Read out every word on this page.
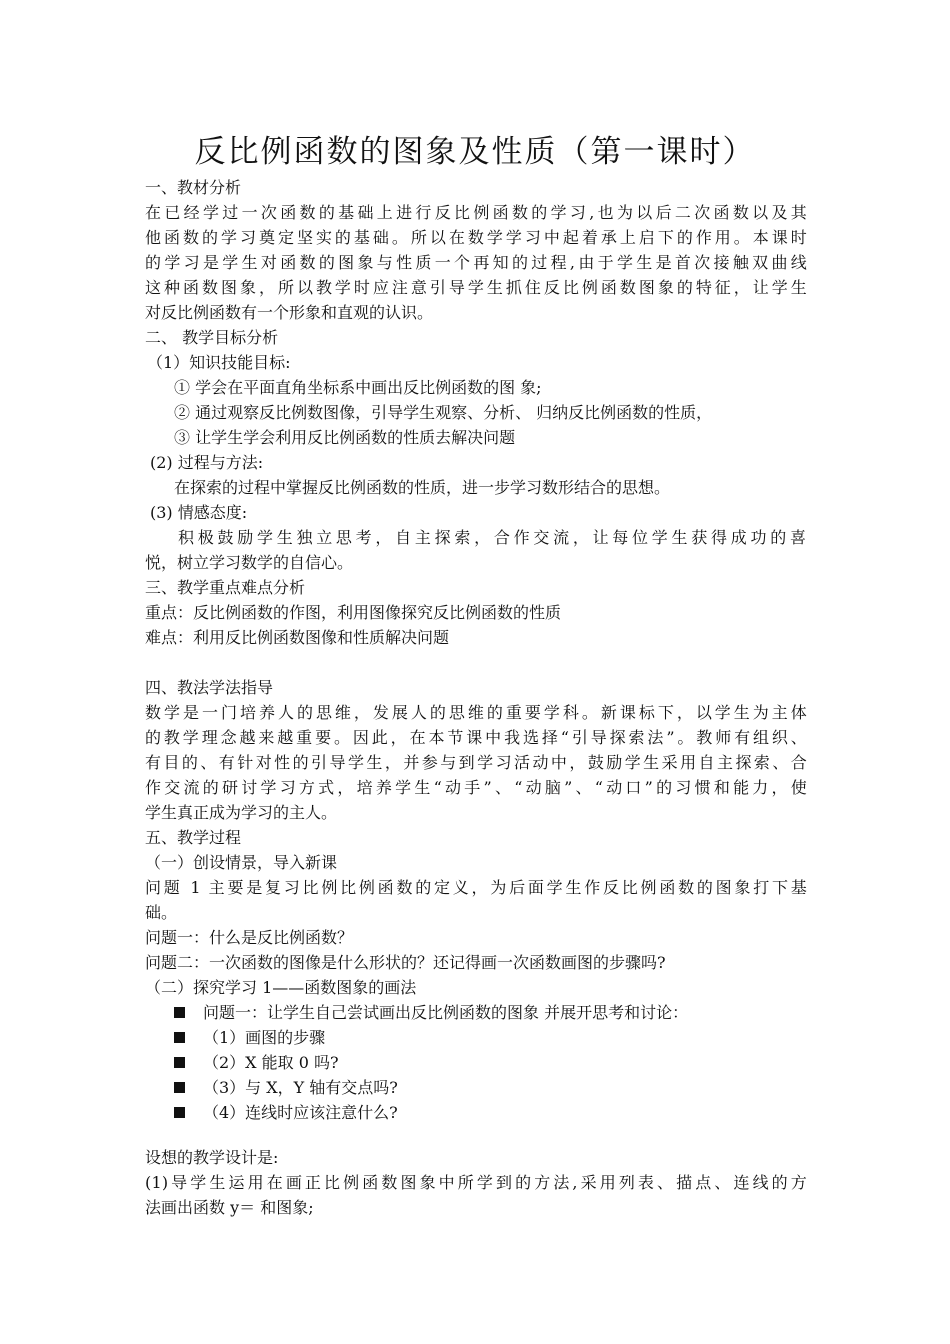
反比例函数的图象及性质（第一课时）
一、教材分析
在已经学过一次函数的基础上进行反比例函数的学习,也为以后二次函数以及其
他函数的学习奠定坚实的基础。所以在数学学习中起着承上启下的作用。本课时
的学习是学生对函数的图象与性质一个再知的过程,由于学生是首次接触双曲线
这种函数图象，所以教学时应注意引导学生抓住反比例函数图象的特征，让学生
对反比例函数有一个形象和直观的认识。
二、 教学目标分析
（1）知识技能目标:
① 学会在平面直角坐标系中画出反比例函数的图 象;
② 通过观察反比例数图像，引导学生观察、分析、 归纳反比例函数的性质，
③ 让学生学会利用反比例函数的性质去解决问题
(2) 过程与方法:
在探索的过程中掌握反比例函数的性质，进一步学习数形结合的思想。
(3) 情感态度:
积极鼓励学生独立思考，自主探索，合作交流，让每位学生获得成功的喜
悦，树立学习数学的自信心。
三、教学重点难点分析
重点：反比例函数的作图，利用图像探究反比例函数的性质
难点：利用反比例函数图像和性质解决问题
四、教法学法指导
数学是一门培养人的思维，发展人的思维的重要学科。新课标下，以学生为主体
的教学理念越来越重要。因此，在本节课中我选择“引导探索法”。教师有组织、
有目的、有针对性的引导学生，并参与到学习活动中，鼓励学生采用自主探索、合
作交流的研讨学习方式，培养学生“动手”、“动脑”、“动口”的习惯和能力，使
学生真正成为学习的主人。
五、教学过程
（一）创设情景，导入新课
问题 1 主要是复习比例比例函数的定义，为后面学生作反比例函数的图象打下基
础。
问题一：什么是反比例函数？
问题二：一次函数的图像是什么形状的？还记得画一次函数画图的步骤吗?
（二）探究学习 1——函数图象的画法
问题一：让学生自己尝试画出反比例函数的图象 并展开思考和讨论：
（1）画图的步骤
（2）X 能取 0 吗?
（3）与 X，Y 轴有交点吗?
（4）连线时应该注意什么?
设想的教学设计是:
(1)导学生运用在画正比例函数图象中所学到的方法,采用列表、描点、连线的方
法画出函数 y＝ 和图象;
